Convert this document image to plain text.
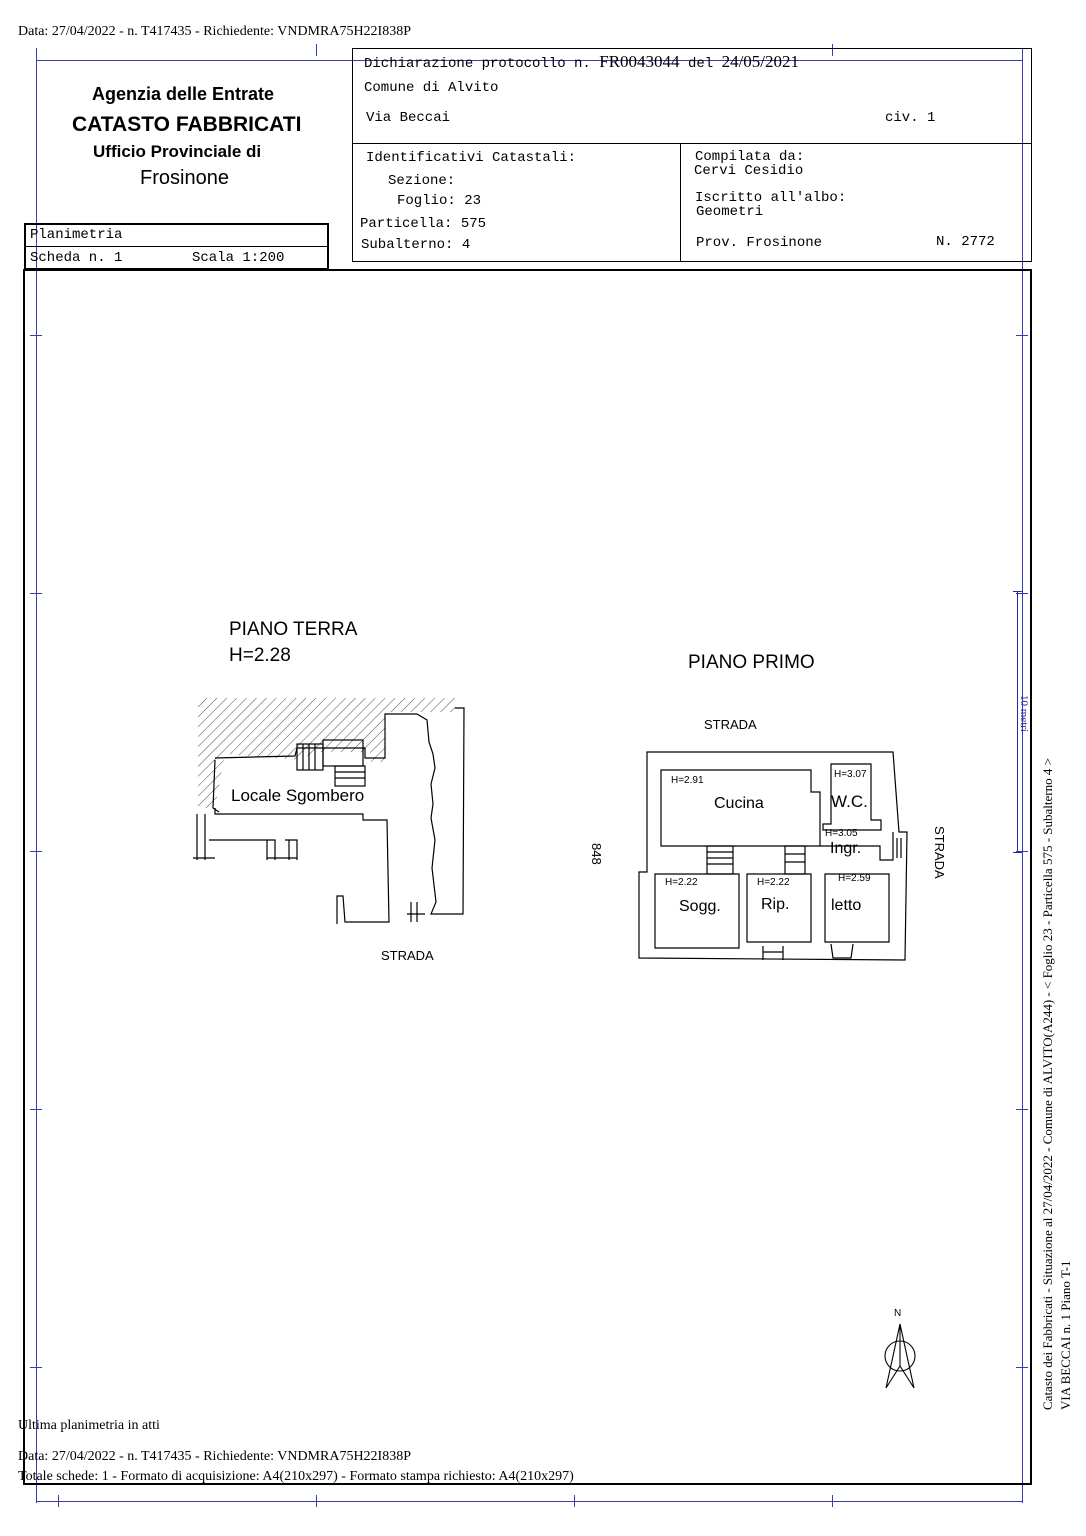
Data: 27/04/2022 - n. T417435 - Richiedente: VNDMRA75H22I838P
Agenzia delle Entrate
CATASTO FABBRICATI
Ufficio Provinciale di
Frosinone
Planimetria
Scheda n. 1	Scala 1:200
Dichiarazione protocollo n. FR0043044 del 24/05/2021
Comune di Alvito
Via Beccai	civ. 1
Identificativi Catastali:
Sezione:
Foglio: 23
Particella: 575
Subalterno: 4
Compilata da:
Cervi Cesidio
Iscritto all'albo:
Geometri
Prov. Frosinone	N. 2772
PIANO TERRA
H=2.28
Locale Sgombero
STRADA
PIANO PRIMO
STRADA
STRADA
848
H=2.91
Cucina
H=3.07
W.C.
H=3.05
Ingr.
H=2.22
Sogg.
H=2.22
Rip.
H=2.59
letto
10 metri
N	Catasto dei Fabbricati - Situazione al 27/04/2022 - Comune di ALVITO(A244) - < Foglio 23 - Particella 575 - Subalterno 4 > VIA BECCAI n. 1 Piano T-1
Ultima planimetria in atti
Data: 27/04/2022 - n. T417435 - Richiedente: VNDMRA75H22I838P
Totale schede: 1 - Formato di acquisizione: A4(210x297) - Formato stampa richiesto: A4(210x297)
